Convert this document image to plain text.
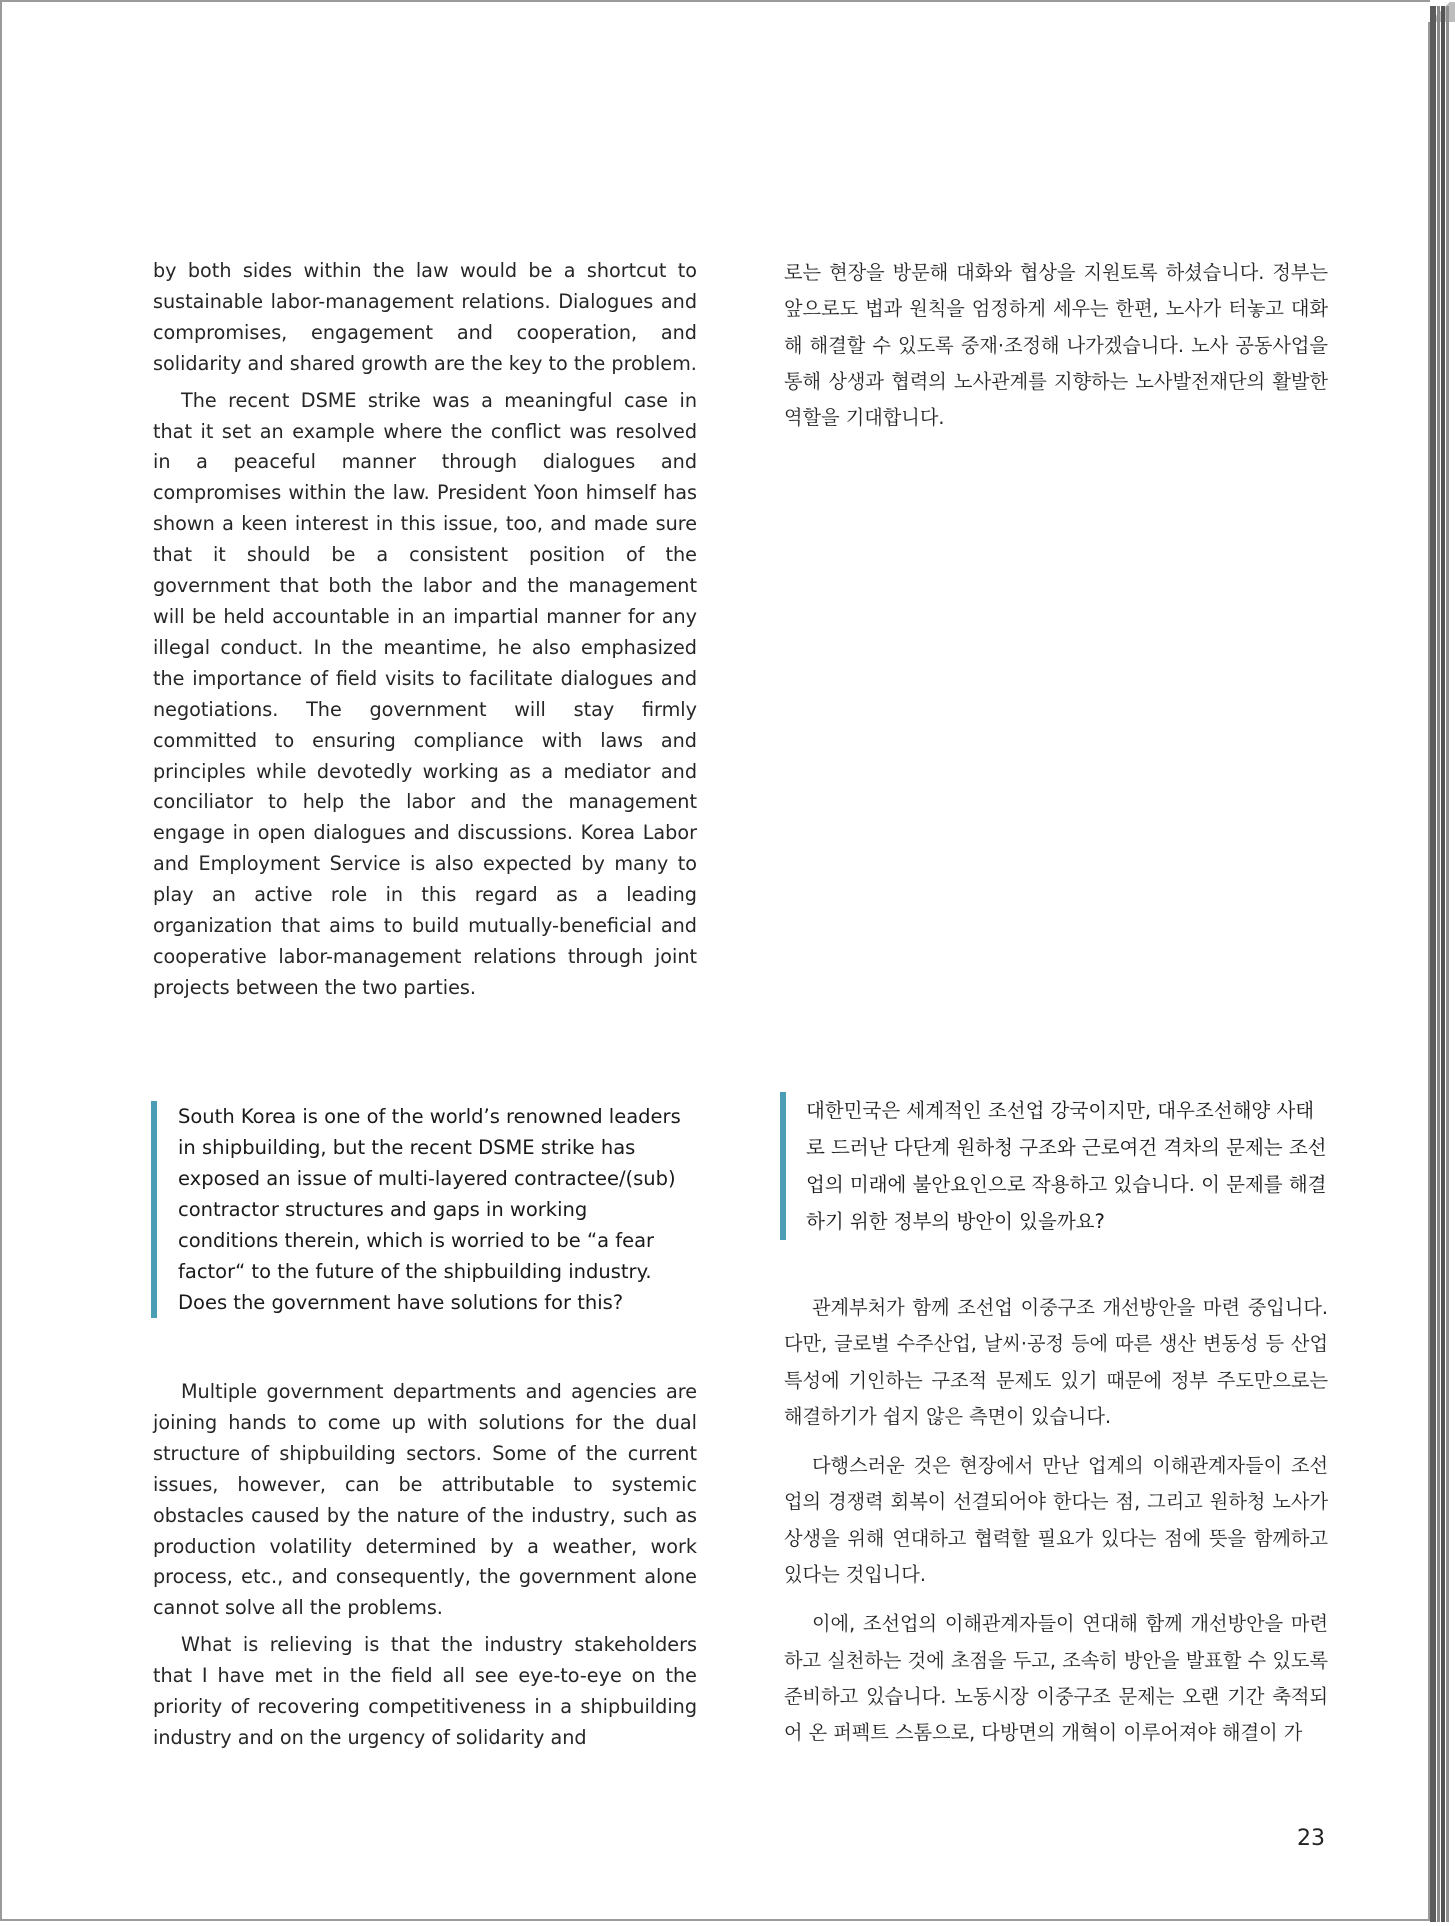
by both sides within the law would be a shortcut to sustainable labor-management relations. Dialogues and compromises, engagement and cooperation, and solidarity and shared growth are the key to the problem.

The recent DSME strike was a meaningful case in that it set an example where the conflict was resolved in a peaceful manner through dialogues and compromises within the law. President Yoon himself has shown a keen interest in this issue, too, and made sure that it should be a consistent position of the government that both the labor and the management will be held accountable in an impartial manner for any illegal conduct. In the meantime, he also emphasized the importance of field visits to facilitate dialogues and negotiations. The government will stay firmly committed to ensuring compliance with laws and principles while devotedly working as a mediator and conciliator to help the labor and the management engage in open dialogues and discussions. Korea Labor and Employment Service is also expected by many to play an active role in this regard as a leading organization that aims to build mutually-beneficial and cooperative labor-management relations through joint projects between the two parties.

South Korea is one of the world’s renowned leaders in shipbuilding, but the recent DSME strike has exposed an issue of multi-layered contractee/(sub) contractor structures and gaps in working conditions therein, which is worried to be “a fear factor“ to the future of the shipbuilding industry. Does the government have solutions for this?

Multiple government departments and agencies are joining hands to come up with solutions for the dual structure of shipbuilding sectors. Some of the current issues, however, can be attributable to systemic obstacles caused by the nature of the industry, such as production volatility determined by a weather, work process, etc., and consequently, the government alone cannot solve all the problems.

What is relieving is that the industry stakeholders that I have met in the field all see eye-to-eye on the priority of recovering competitiveness in a shipbuilding industry and on the urgency of solidarity and

로는 현장을 방문해 대화와 협상을 지원토록 하셨습니다. 정부는 앞으로도 법과 원칙을 엄정하게 세우는 한편, 노사가 터놓고 대화해 해결할 수 있도록 중재·조정해 나가겠습니다. 노사 공동사업을 통해 상생과 협력의 노사관계를 지향하는 노사발전재단의 활발한 역할을 기대합니다.

대한민국은 세계적인 조선업 강국이지만, 대우조선해양 사태로 드러난 다단계 원하청 구조와 근로여건 격차의 문제는 조선업의 미래에 불안요인으로 작용하고 있습니다. 이 문제를 해결하기 위한 정부의 방안이 있을까요?

관계부처가 함께 조선업 이중구조 개선방안을 마련 중입니다. 다만, 글로벌 수주산업, 날씨·공정 등에 따른 생산 변동성 등 산업 특성에 기인하는 구조적 문제도 있기 때문에 정부 주도만으로는 해결하기가 쉽지 않은 측면이 있습니다.

다행스러운 것은 현장에서 만난 업계의 이해관계자들이 조선업의 경쟁력 회복이 선결되어야 한다는 점, 그리고 원하청 노사가 상생을 위해 연대하고 협력할 필요가 있다는 점에 뜻을 함께하고 있다는 것입니다.

이에, 조선업의 이해관계자들이 연대해 함께 개선방안을 마련하고 실천하는 것에 초점을 두고, 조속히 방안을 발표할 수 있도록 준비하고 있습니다. 노동시장 이중구조 문제는 오랜 기간 축적되어 온 퍼펙트 스톰으로, 다방면의 개혁이 이루어져야 해결이 가

23
